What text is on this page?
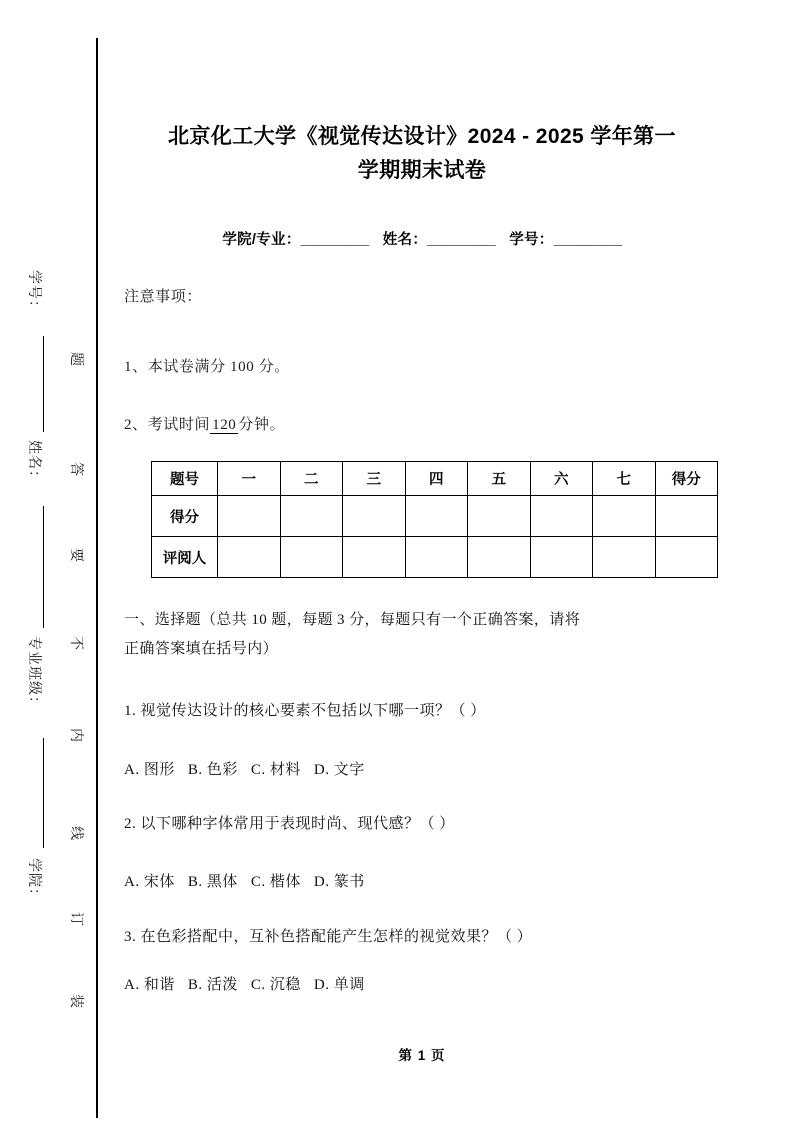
学号：
姓名：
专业班级：
学院：
题
答
要
不
内
线
订
装
北京化工大学《视觉传达设计》2024 - 2025 学年第一
学期期末试卷
学院/专业：_________ 姓名：_________ 学号：_________
注意事项：
1、本试卷满分 100 分。
2、考试时间 120 分钟。
题号	一	二	三	四	五	六	七	得分
得分								
评阅人								
一、选择题（总共 10 题，每题 3 分，每题只有一个正确答案，请将
正确答案填在括号内）
1. 视觉传达设计的核心要素不包括以下哪一项？（ ）
A. 图形 B. 色彩 C. 材料 D. 文字
2. 以下哪种字体常用于表现时尚、现代感？（ ）
A. 宋体 B. 黑体 C. 楷体 D. 篆书
3. 在色彩搭配中，互补色搭配能产生怎样的视觉效果？（ ）
A. 和谐 B. 活泼 C. 沉稳 D. 单调
第 1 页
